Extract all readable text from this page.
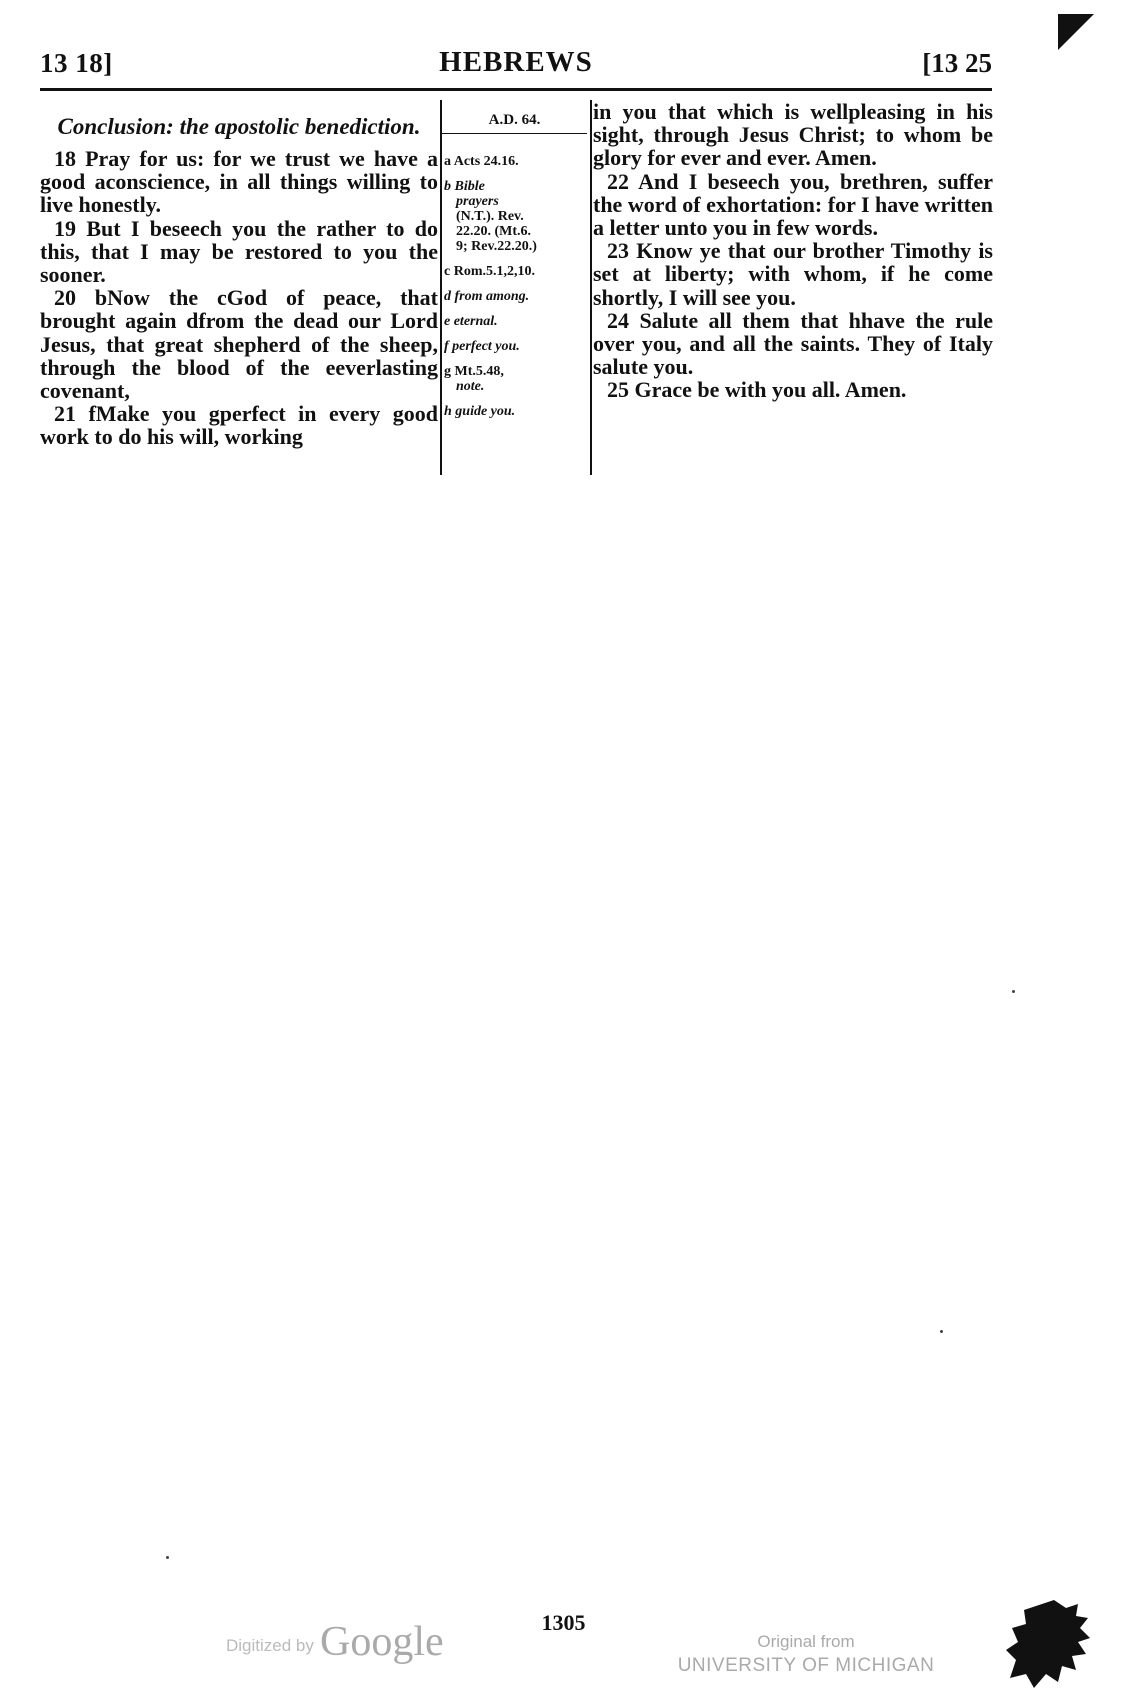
13 18]	HEBREWS	[13 25
Conclusion: the apostolic benediction.

18 Pray for us: for we trust we have a good aconscience, in all things willing to live honestly.

19 But I beseech you the rather to do this, that I may be restored to you the sooner.

20 bNow the cGod of peace, that brought again dfrom the dead our Lord Jesus, that great shepherd of the sheep, through the blood of the eeverlasting covenant,

21 fMake you gperfect in every good work to do his will, working

A.D. 64.
a Acts 24.16.
b Bible
prayers
(N.T.). Rev.
22.20. (Mt.6.
9; Rev.22.20.)
c Rom.5.1,2,10.
d from among.
e eternal.
f perfect you.
g Mt.5.48,
note.
h guide you.

in you that which is wellpleasing in his sight, through Jesus Christ; to whom be glory for ever and ever. Amen.

22 And I beseech you, brethren, suffer the word of exhortation: for I have written a letter unto you in few words.

23 Know ye that our brother Timothy is set at liberty; with whom, if he come shortly, I will see you.

24 Salute all them that hhave the rule over you, and all the saints. They of Italy salute you.

25 Grace be with you all. Amen.

1305
Digitized by Google	Original from
UNIVERSITY OF MICHIGAN
